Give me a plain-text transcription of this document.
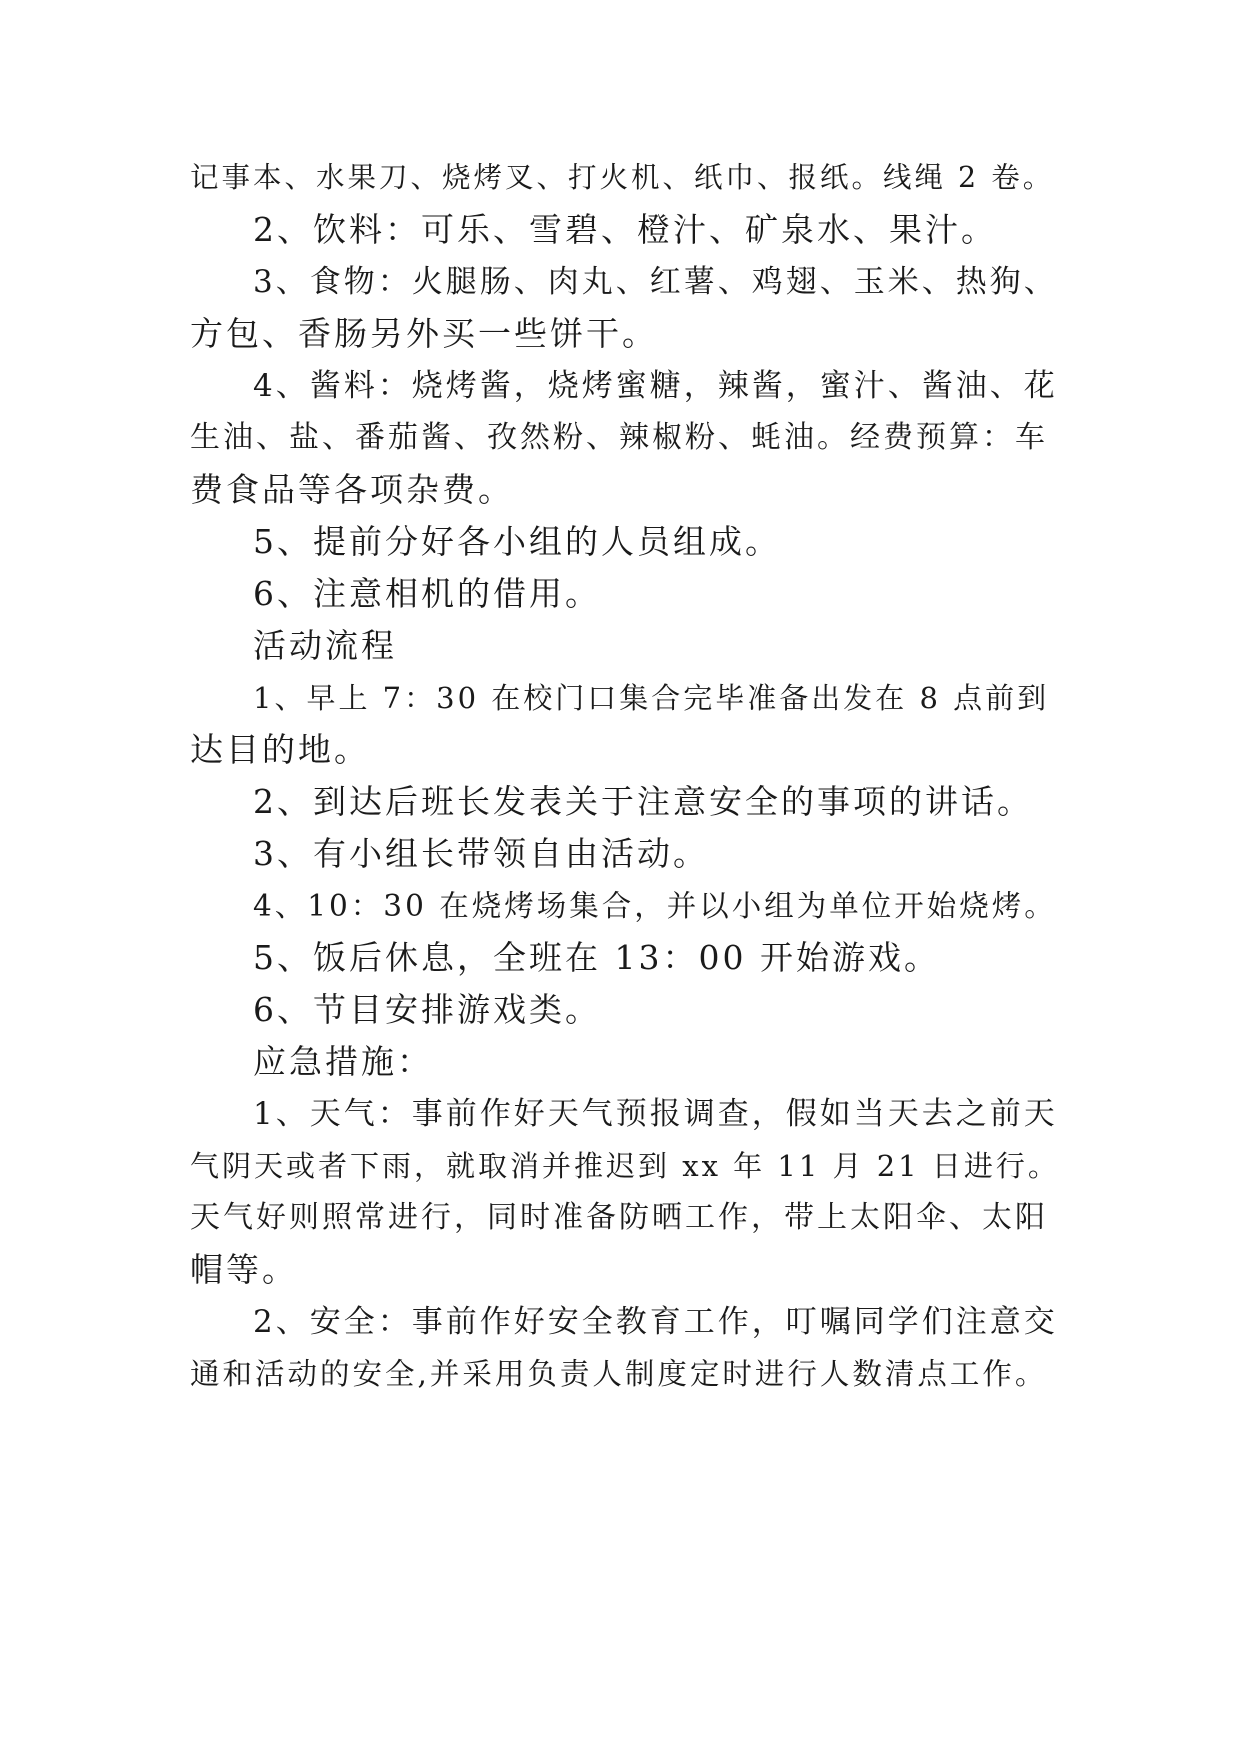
记事本、水果刀、烧烤叉、打火机、纸巾、报纸。线绳 2 卷。
2、饮料：可乐、雪碧、橙汁、矿泉水、果汁。
3、食物：火腿肠、肉丸、红薯、鸡翅、玉米、热狗、
方包、香肠另外买一些饼干。
4、酱料：烧烤酱，烧烤蜜糖，辣酱，蜜汁、酱油、花
生油、盐、番茄酱、孜然粉、辣椒粉、蚝油。经费预算：车
费食品等各项杂费。
5、提前分好各小组的人员组成。
6、注意相机的借用。
活动流程
1、早上 7：30 在校门口集合完毕准备出发在 8 点前到
达目的地。
2、到达后班长发表关于注意安全的事项的讲话。
3、有小组长带领自由活动。
4、10：30 在烧烤场集合，并以小组为单位开始烧烤。
5、饭后休息，全班在 13：00 开始游戏。
6、节目安排游戏类。
应急措施：
1、天气：事前作好天气预报调查，假如当天去之前天
气阴天或者下雨，就取消并推迟到 xx 年 11 月 21 日进行。
天气好则照常进行，同时准备防晒工作，带上太阳伞、太阳
帽等。
2、安全：事前作好安全教育工作，叮嘱同学们注意交
通和活动的安全,并采用负责人制度定时进行人数清点工作。
